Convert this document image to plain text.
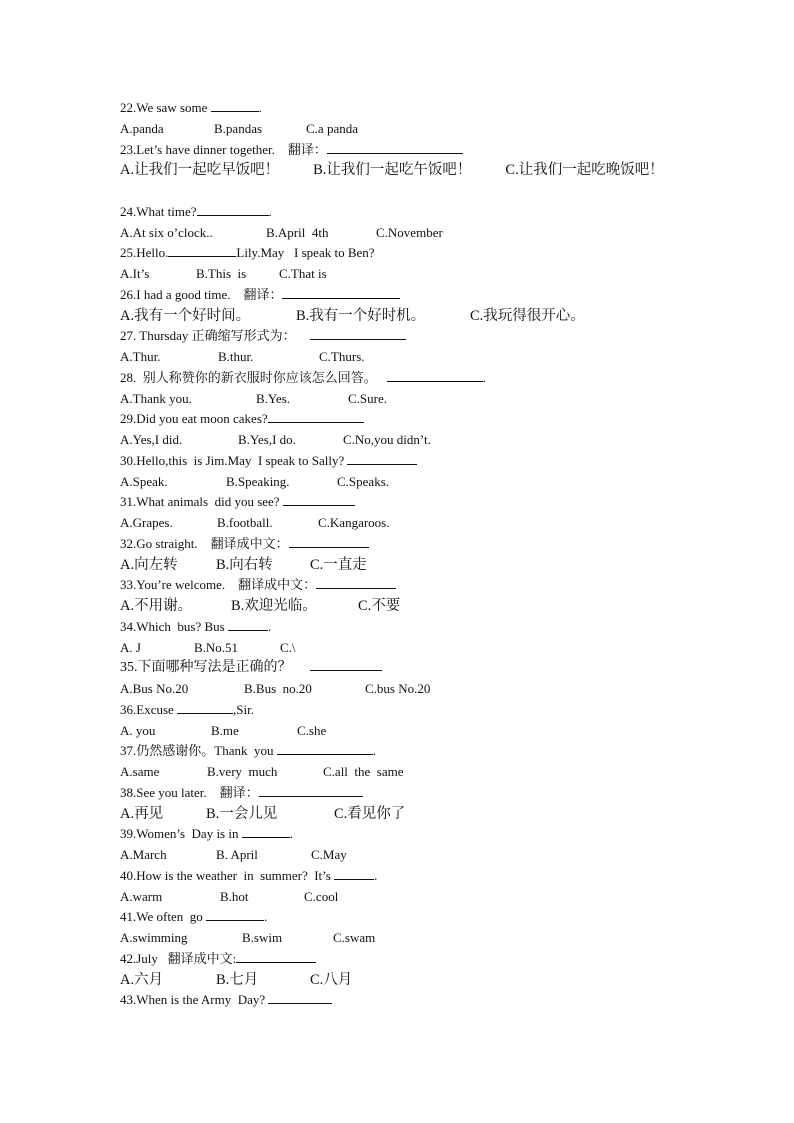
22.We saw some	.
A.panda	B.pandas	C.a panda
23.Let’s have dinner together.    翻译：
A.让我们一起吃早饭吧！ B.让我们一起吃午饭吧！ C.让我们一起吃晚饭吧！
24.What time?	.
A.At six o’clock..	B.April  4th	C.November
25.Hello.	Lily.May   I speak to Ben?
A.It’s	B.This  is	C.That is
26.I had a good time.    翻译：
A.我有一个好时间。	B.我有一个好时机。	C.我玩得很开心。
27. Thursday 正确缩写形式为：
A.Thur.	B.thur.	C.Thurs.
28.  别人称赞你的新衣服时你应该怎么回答。	.
A.Thank you.	B.Yes.	C.Sure.
29.Did you eat moon cakes?
A.Yes,I did.	B.Yes,I do.	C.No,you didn’t.
30.Hello,this  is Jim.May  I speak to Sally?
A.Speak.	B.Speaking.	C.Speaks.
31.What animals  did you see?
A.Grapes.	B.football.	C.Kangaroos.
32.Go straight.    翻译成中文：
A.向左转	B.向右转	C.一直走
33.You’re welcome.    翻译成中文：
A.不用谢。	B.欢迎光临。	C.不要
34.Which  bus? Bus	.
A. J	B.No.51	C.\
35.下面哪种写法是正确的？
A.Bus No.20	B.Bus  no.20	C.bus No.20
36.Excuse	,Sir.
A. you	B.me	C.she
37.仍然感谢你。Thank  you	.
A.same	B.very  much	C.all  the  same
38.See you later.    翻译：
A.再见	B.一会儿见	C.看见你了
39.Women’s  Day is in	.
A.March	B. April	C.May
40.How is the weather  in  summer?  It’s	.
A.warm	B.hot	C.cool
41.We often  go	.
A.swimming	B.swim	C.swam
42.July   翻译成中文:
A.六月	B.七月	C.八月
43.When is the Army  Day?
